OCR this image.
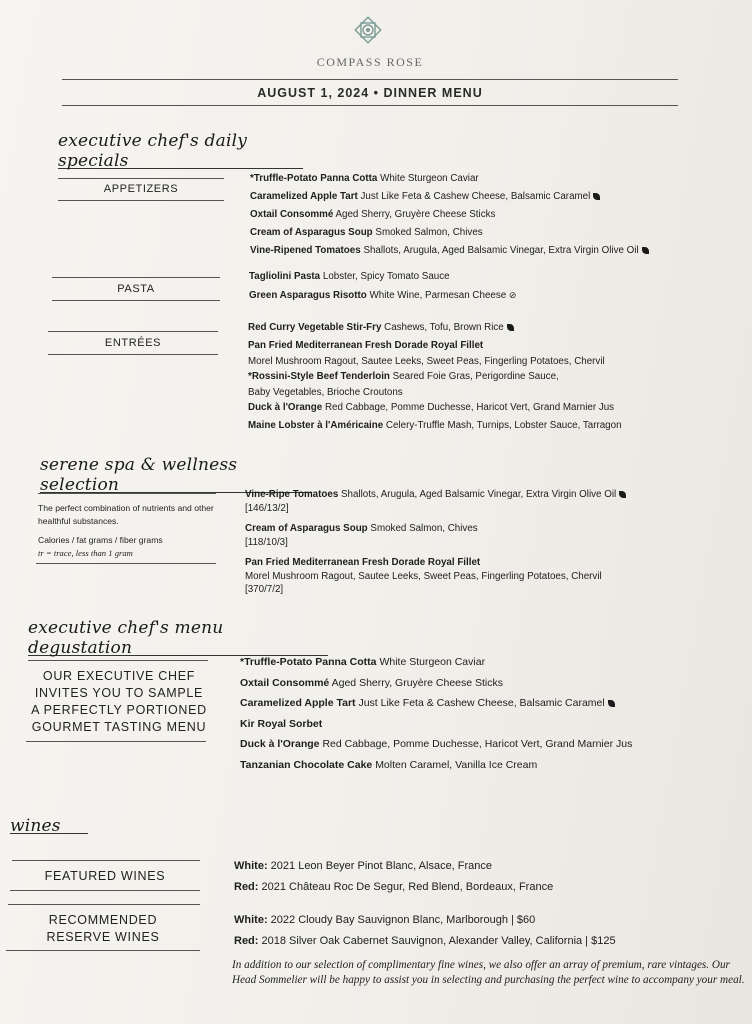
COMPASS ROSE
AUGUST 1, 2024 • DINNER MENU
executive chef's daily specials
APPETIZERS
*Truffle-Potato Panna Cotta White Sturgeon Caviar
Caramelized Apple Tart Just Like Feta & Cashew Cheese, Balsamic Caramel
Oxtail Consommé Aged Sherry, Gruyère Cheese Sticks
Cream of Asparagus Soup Smoked Salmon, Chives
Vine-Ripened Tomatoes Shallots, Arugula, Aged Balsamic Vinegar, Extra Virgin Olive Oil
PASTA
Tagliolini Pasta Lobster, Spicy Tomato Sauce
Green Asparagus Risotto White Wine, Parmesan Cheese ⊘
ENTRÉES
Red Curry Vegetable Stir-Fry Cashews, Tofu, Brown Rice
Pan Fried Mediterranean Fresh Dorade Royal Fillet
Morel Mushroom Ragout, Sautee Leeks, Sweet Peas, Fingerling Potatoes, Chervil
*Rossini-Style Beef Tenderloin Seared Foie Gras, Perigordine Sauce,
Baby Vegetables, Brioche Croutons
Duck à l'Orange Red Cabbage, Pomme Duchesse, Haricot Vert, Grand Marnier Jus
Maine Lobster à l'Américaine Celery-Truffle Mash, Turnips, Lobster Sauce, Tarragon
serene spa & wellness selection
The perfect combination of nutrients and other healthful substances.
Calories / fat grams / fiber grams
tr = trace, less than 1 gram
Vine-Ripe Tomatoes Shallots, Arugula, Aged Balsamic Vinegar, Extra Virgin Olive Oil
[146/13/2]
Cream of Asparagus Soup Smoked Salmon, Chives
[118/10/3]
Pan Fried Mediterranean Fresh Dorade Royal Fillet
Morel Mushroom Ragout, Sautee Leeks, Sweet Peas, Fingerling Potatoes, Chervil
[370/7/2]
executive chef's menu degustation
OUR EXECUTIVE CHEF
INVITES YOU TO SAMPLE
A PERFECTLY PORTIONED
GOURMET TASTING MENU
*Truffle-Potato Panna Cotta White Sturgeon Caviar
Oxtail Consommé Aged Sherry, Gruyère Cheese Sticks
Caramelized Apple Tart Just Like Feta & Cashew Cheese, Balsamic Caramel
Kir Royal Sorbet
Duck à l'Orange Red Cabbage, Pomme Duchesse, Haricot Vert, Grand Marnier Jus
Tanzanian Chocolate Cake Molten Caramel, Vanilla Ice Cream
wines
FEATURED WINES
White: 2021 Leon Beyer Pinot Blanc, Alsace, France
Red: 2021 Château Roc De Segur, Red Blend, Bordeaux, France
RECOMMENDED
RESERVE WINES
White: 2022 Cloudy Bay Sauvignon Blanc, Marlborough | $60
Red: 2018 Silver Oak Cabernet Sauvignon, Alexander Valley, California | $125
In addition to our selection of complimentary fine wines, we also offer an array of premium, rare vintages. Our Head Sommelier will be happy to assist you in selecting and purchasing the perfect wine to accompany your meal.
